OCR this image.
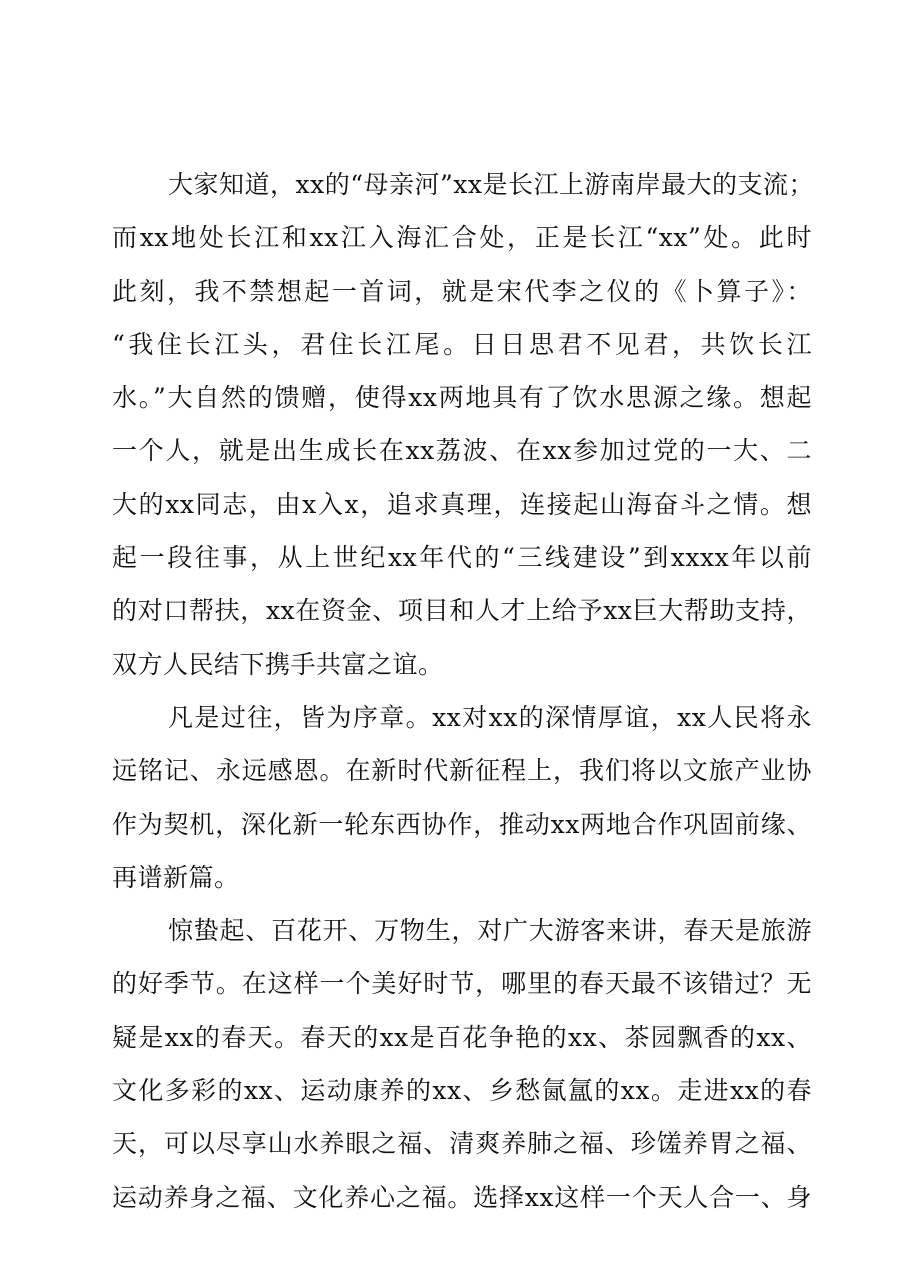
大家知道，xx的“母亲河”xx是长江上游南岸最大的支流；
而xx地处长江和xx江入海汇合处，正是长江“xx”处。此时
此刻，我不禁想起一首词，就是宋代李之仪的《卜算子》：
“我住长江头，君住长江尾。日日思君不见君，共饮长江
水。”大自然的馈赠，使得xx两地具有了饮水思源之缘。想起
一个人，就是出生成长在xx荔波、在xx参加过党的一大、二
大的xx同志，由x入x，追求真理，连接起山海奋斗之情。想
起一段往事，从上世纪xx年代的“三线建设”到xxxx年以前
的对口帮扶，xx在资金、项目和人才上给予xx巨大帮助支持，
双方人民结下携手共富之谊。
凡是过往，皆为序章。xx对xx的深情厚谊，xx人民将永
远铭记、永远感恩。在新时代新征程上，我们将以文旅产业协
作为契机，深化新一轮东西协作，推动xx两地合作巩固前缘、
再谱新篇。
惊蛰起、百花开、万物生，对广大游客来讲，春天是旅游
的好季节。在这样一个美好时节，哪里的春天最不该错过？无
疑是xx的春天。春天的xx是百花争艳的xx、茶园飘香的xx、
文化多彩的xx、运动康养的xx、乡愁氤氲的xx。走进xx的春
天，可以尽享山水养眼之福、清爽养肺之福、珍馐养胃之福、
运动养身之福、文化养心之福。选择xx这样一个天人合一、身
